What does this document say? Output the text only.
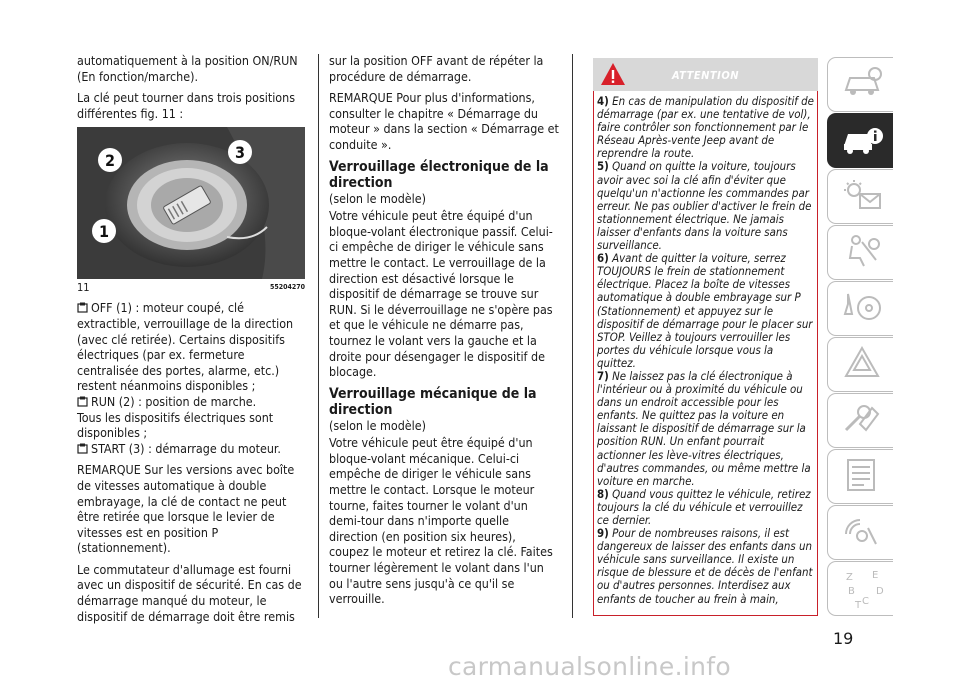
automatiquement à la position ON/RUN (En fonction/marche).

La clé peut tourner dans trois positions différentes fig. 11 :

2	3
1
11	55204270
OFF (1) : moteur coupé, clé extractible, verrouillage de la direction (avec clé retirée). Certains dispositifs électriques (par ex. fermeture centralisée des portes, alarme, etc.) restent néanmoins disponibles ;
RUN (2) : position de marche.
Tous les dispositifs électriques sont disponibles ;
START (3) : démarrage du moteur.

REMARQUE Sur les versions avec boîte de vitesses automatique à double embrayage, la clé de contact ne peut être retirée que lorsque le levier de vitesses est en position P (stationnement).

Le commutateur d'allumage est fourni avec un dispositif de sécurité. En cas de démarrage manqué du moteur, le dispositif de démarrage doit être remis

sur la position OFF avant de répéter la procédure de démarrage.

REMARQUE Pour plus d'informations, consulter le chapitre « Démarrage du moteur » dans la section « Démarrage et conduite ».

Verrouillage électronique de la direction
(selon le modèle)

Votre véhicule peut être équipé d'un bloque-volant électronique passif. Celui-ci empêche de diriger le véhicule sans mettre le contact. Le verrouillage de la direction est désactivé lorsque le dispositif de démarrage se trouve sur RUN. Si le déverrouillage ne s'opère pas et que le véhicule ne démarre pas, tournez le volant vers la gauche et la droite pour désengager le dispositif de blocage.

Verrouillage mécanique de la direction
(selon le modèle)

Votre véhicule peut être équipé d'un bloque-volant mécanique. Celui-ci empêche de diriger le véhicule sans mettre le contact. Lorsque le moteur tourne, faites tourner le volant d'un demi-tour dans n'importe quelle direction (en position six heures), coupez le moteur et retirez la clé. Faites tourner légèrement le volant dans l'un ou l'autre sens jusqu'à ce qu'il se verrouille.

ATTENTION

4) En cas de manipulation du dispositif de démarrage (par ex. une tentative de vol), faire contrôler son fonctionnement par le Réseau Après-vente Jeep avant de reprendre la route.

5) Quand on quitte la voiture, toujours avoir avec soi la clé afin d'éviter que quelqu'un n'actionne les commandes par erreur. Ne pas oublier d'activer le frein de stationnement électrique. Ne jamais laisser d'enfants dans la voiture sans surveillance.

6) Avant de quitter la voiture, serrez TOUJOURS le frein de stationnement électrique. Placez la boîte de vitesses automatique à double embrayage sur P (Stationnement) et appuyez sur le dispositif de démarrage pour le placer sur STOP. Veillez à toujours verrouiller les portes du véhicule lorsque vous la quittez.

7) Ne laissez pas la clé électronique à l'intérieur ou à proximité du véhicule ou dans un endroit accessible pour les enfants. Ne quittez pas la voiture en laissant le dispositif de démarrage sur la position RUN. Un enfant pourrait actionner les lève-vitres électriques, d'autres commandes, ou même mettre la voiture en marche.

8) Quand vous quittez le véhicule, retirez toujours la clé du véhicule et verrouillez ce dernier.

9) Pour de nombreuses raisons, il est dangereux de laisser des enfants dans un véhicule sans surveillance. Il existe un risque de blessure et de décès de l'enfant ou d'autres personnes. Interdisez aux enfants de toucher au frein à main,

Z E
B
C
D
T
19
carmanualsonline.info
